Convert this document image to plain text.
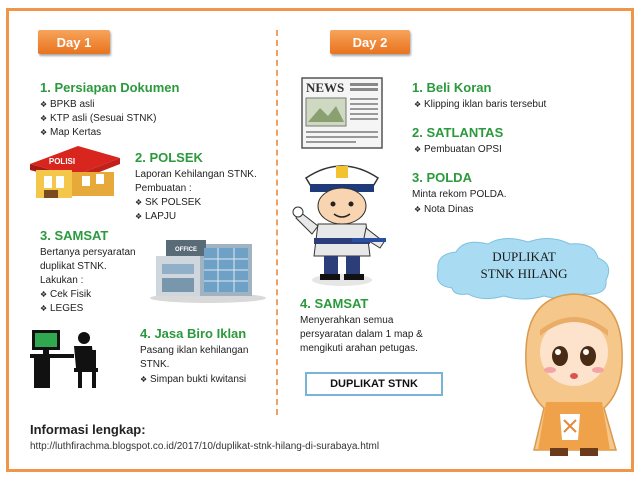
Day 1	Day 2
1. Persiapan Dokumen
❖ BPKB asli
❖ KTP asli (Sesuai STNK)
❖ Map Kertas
POLISI	2. POLSEK
Laporan Kehilangan STNK.
Pembuatan :
❖ SK POLSEK
❖ LAPJU
3. SAMSAT
Bertanya persyaratan
duplikat STNK.
Lakukan :
❖ Cek Fisik
❖ LEGES
OFFICE
4. Jasa Biro Iklan
Pasang iklan kehilangan
STNK.
❖ Simpan bukti kwitansi
NEWS	1. Beli Koran
❖ Klipping iklan baris tersebut
2. SATLANTAS
❖ Pembuatan OPSI
3. POLDA
Minta rekom POLDA.
❖ Nota Dinas
4. SAMSAT
Menyerahkan semua
persyaratan dalam 1 map &
mengikuti arahan petugas.
DUPLIKAT STNK
DUPLIKAT
STNK HILANG
Informasi lengkap:
http://luthfirachma.blogspot.co.id/2017/10/duplikat-stnk-hilang-di-surabaya.html
